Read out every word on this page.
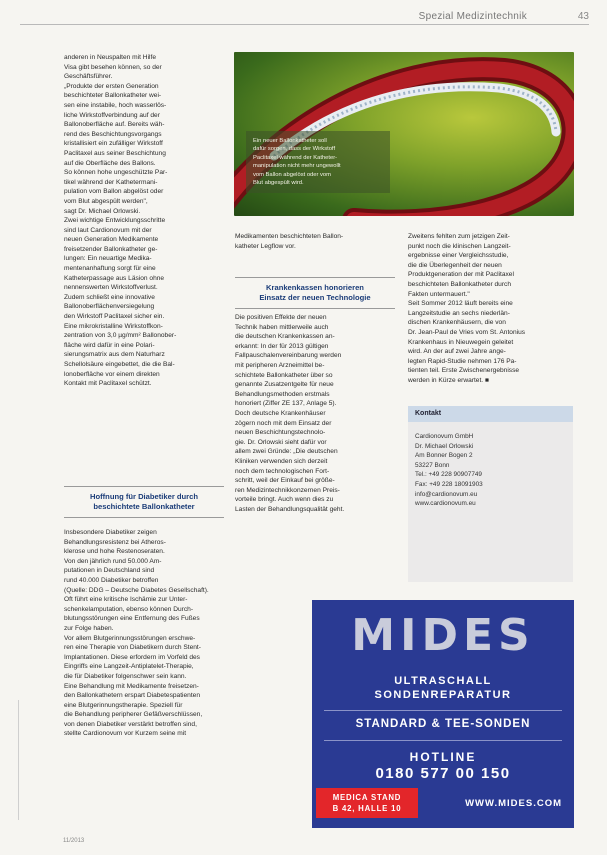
Spezial Medizintechnik	43
Ein neuer Ballonkatheter soll
dafür sorgen, dass der Wirkstoff
Paclitaxel während der Katheter-
manipulation nicht mehr ungewollt
vom Ballon abgelöst oder vom
Blut abgespült wird.

anderen in Neuspalten mit Hilfe
Visa gibt besehen können, so der
Geschäftsführer.
„Produkte der ersten Generation
beschichteter Ballonkatheter wei-
sen eine instabile, hoch wasserlös-
liche Wirkstoffverbindung auf der
Ballonoberfläche auf. Bereits wäh-
rend des Beschichtungsvorgangs
kristallisiert ein zufälliger Wirkstoff
Paclitaxel aus seiner Beschichtung
auf die Oberfläche des Ballons.
So können hohe ungeschützte Par-
tikel während der Kathetermani-
pulation vom Ballon abgelöst oder
vom Blut abgespült werden",
sagt Dr. Michael Orlowski.
Zwei wichtige Entwicklungsschritte
sind laut Cardionovum mit der
neuen Generation Medikamente
freisetzender Ballonkatheter ge-
lungen: Ein neuartige Medika-
mentenanhaftung sorgt für eine
Katheterpassage aus Läsion ohne
nennenswerten Wirkstoffverlust.
Zudem schließt eine innovative
Ballonoberflächenversiegelung
den Wirkstoff Paclitaxel sicher ein.
Eine mikrokristalline Wirkstoffkon-
zentration von 3,0 µg/mm² Ballonober-
fläche wird dafür in eine Polari-
sierungsmatrix aus dem Naturharz
Schellolsäure eingebettet, die die Bal-
lonoberfläche vor einem direkten
Kontakt mit Paclitaxel schützt.

Hoffnung für Diabetiker durch
beschichtete Ballonkatheter

Insbesondere Diabetiker zeigen
Behandlungsresistenz bei Atheros-
klerose und hohe Restenoseraten.
Von den jährlich rund 50.000 Am-
putationen in Deutschland sind
rund 40.000 Diabetiker betroffen
(Quelle: DDG – Deutsche Diabetes Gesellschaft).
Oft führt eine kritische Ischämie zur Unter-
schenkelamputation, ebenso können Durch-
blutungsstörungen eine Entfernung des Fußes
zur Folge haben.
Vor allem Blutgerinnungsstörungen erschwe-
ren eine Therapie von Diabetikern durch Stent-
Implantationen. Diese erfordern im Vorfeld des
Eingriffs eine Langzeit-Antiplatelet-Therapie,
die für Diabetiker folgenschwer sein kann.
Eine Behandlung mit Medikamente freisetzen-
den Ballonkathetern erspart Diabetespatienten
eine Blutgerinnungstherapie. Speziell für
die Behandlung peripherer Gefäßverschlüssen,
von denen Diabetiker verstärkt betroffen sind,
stellte Cardionovum vor Kurzem seine mit

Medikamenten beschichteten Ballon-
katheter Legflow vor.

Krankenkassen honorieren
Einsatz der neuen Technologie

Die positiven Effekte der neuen
Technik haben mittlerweile auch
die deutschen Krankenkassen an-
erkannt: In der für 2013 gültigen
Fallpauschalenvereinbarung werden
mit peripheren Arzneimittel be-
schichtete Ballonkatheter über so
genannte Zusatzentgelte für neue
Behandlungsmethoden erstmals
honoriert (Ziffer ZE 137, Anlage 5).
Doch deutsche Krankenhäuser
zögern noch mit dem Einsatz der
neuen Beschichtungstechnolo-
gie. Dr. Orlowski sieht dafür vor
allem zwei Gründe: „Die deutschen
Kliniken verwenden sich derzeit
noch dem technologischen Fort-
schritt, weil der Einkauf bei größe-
ren Medizintechnikkonzernen Preis-
vorteile bringt. Auch wenn dies zu
Lasten der Behandlungsqualität geht.

Zweitens fehlten zum jetzigen Zeit-
punkt noch die klinischen Langzeit-
ergebnisse einer Vergleichsstudie,
die die Überlegenheit der neuen
Produktgeneration der mit Paclitaxel
beschichteten Ballonkatheter durch
Fakten untermauert."
Seit Sommer 2012 läuft bereits eine
Langzeitstudie an sechs niederlän-
dischen Krankenhäusern, die von
Dr. Jean-Paul de Vries vom St. Antonius
Krankenhaus in Nieuwegein geleitet
wird. An der auf zwei Jahre ange-
legten Rapid-Studie nehmen 176 Pa-
tienten teil. Erste Zwischenergebnisse
werden in Kürze erwartet. ■

Kontakt
Cardionovum GmbH
Dr. Michael Orlowski
Am Bonner Bogen 2
53227 Bonn
Tel.: +49 228 90907749
Fax: +49 228 18091903
info@cardionovum.eu
www.cardionovum.eu
MIDES
ULTRASCHALL
SONDENREPARATUR
STANDARD & TEE-SONDEN
HOTLINE
0180 577 00 150
MEDICA STAND
B 42, HALLE 10	WWW.MIDES.COM
11/2013
